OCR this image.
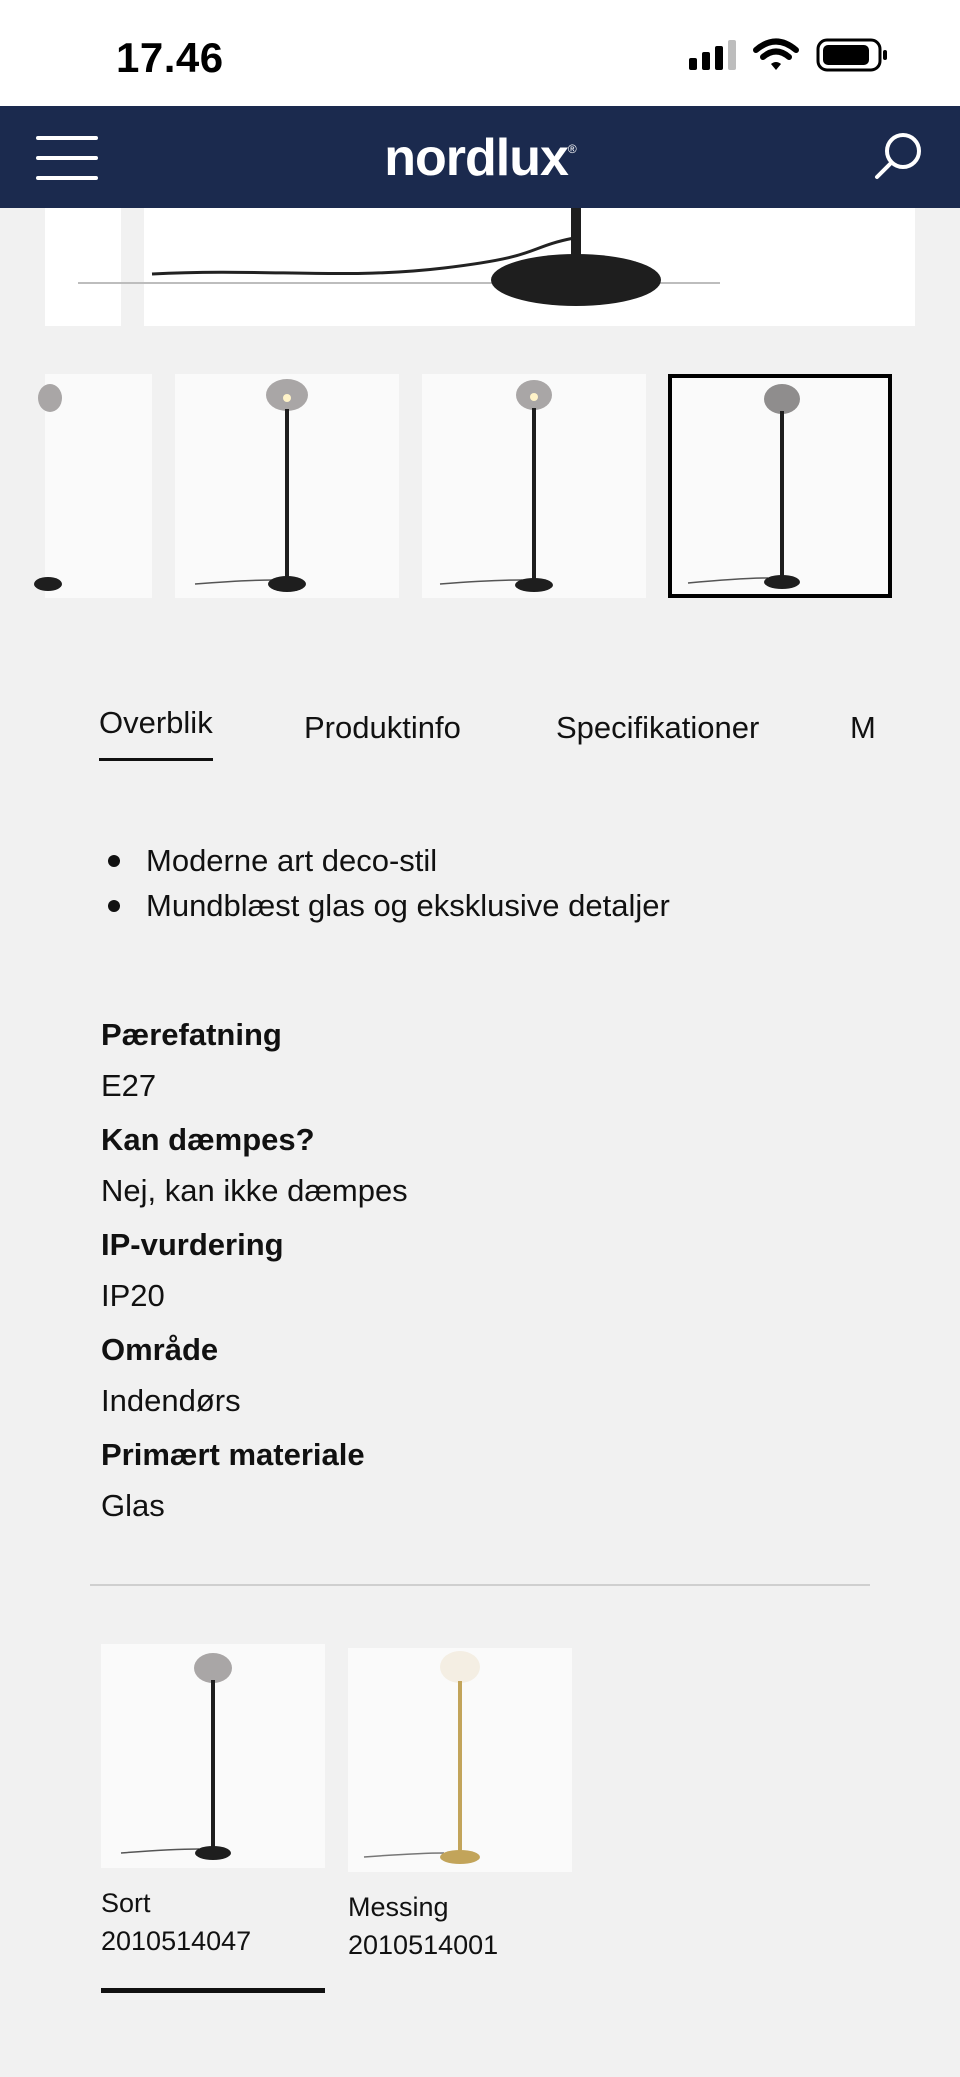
17.46
nordlux®
Overblik	Produktinfo	Specifikationer	M
Moderne art deco-stil
Mundblæst glas og eksklusive detaljer
Pærefatning
E27
Kan dæmpes?
Nej, kan ikke dæmpes
IP-vurdering
IP20
Område
Indendørs
Primært materiale
Glas
Sort
2010514047
Messing
2010514001
